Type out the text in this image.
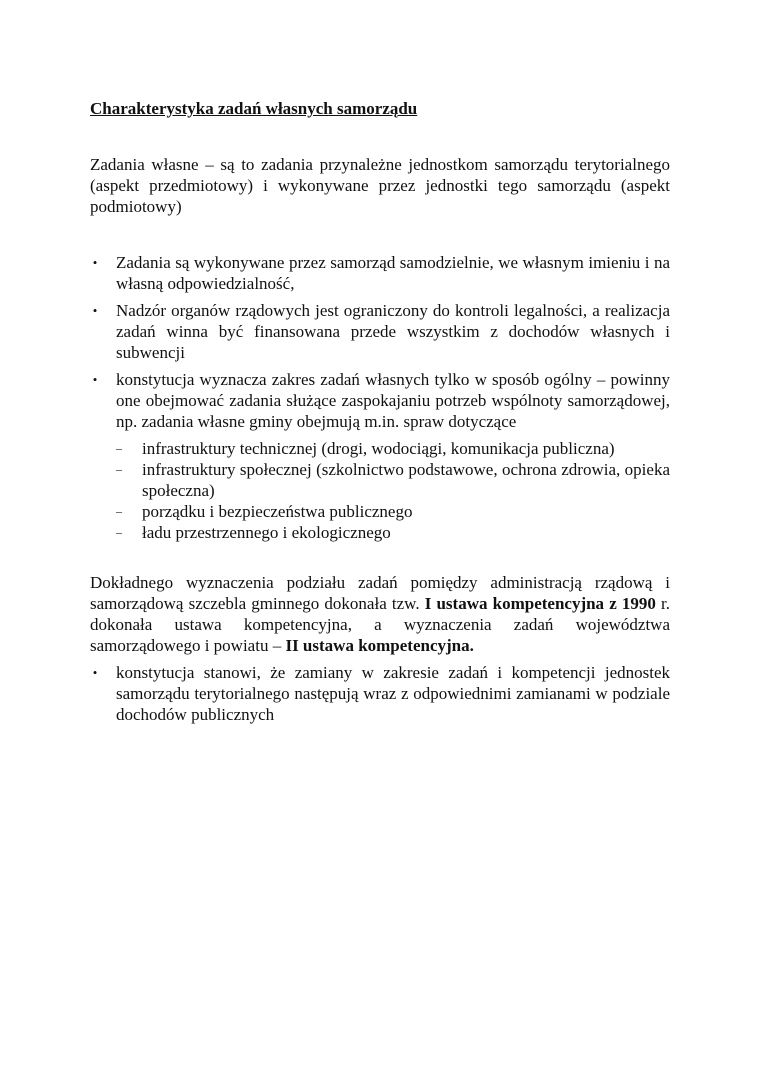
Charakterystyka zadań własnych samorządu

Zadania własne – są to zadania przynależne jednostkom samorządu terytorialnego (aspekt przedmiotowy) i wykonywane przez jednostki tego samorządu (aspekt podmiotowy)

• Zadania są wykonywane przez samorząd samodzielnie, we własnym imieniu i na własną odpowiedzialność,
• Nadzór organów rządowych jest ograniczony do kontroli legalności, a realizacja zadań winna być finansowana przede wszystkim z dochodów własnych i subwencji
• konstytucja wyznacza zakres zadań własnych tylko w sposób ogólny – powinny one obejmować zadania służące zaspokajaniu potrzeb wspólnoty samorządowej, np. zadania własne gminy obejmują m.in. spraw dotyczące
–	infrastruktury technicznej (drogi, wodociągi, komunikacja publiczna)
–	infrastruktury społecznej (szkolnictwo podstawowe, ochrona zdrowia, opieka społeczna)
–	porządku i bezpieczeństwa publicznego
–	ładu przestrzennego i ekologicznego

Dokładnego wyznaczenia podziału zadań pomiędzy administracją rządową i samorządową szczebla gminnego dokonała tzw. I ustawa kompetencyjna z 1990 r. dokonała ustawa kompetencyjna, a wyznaczenia zadań województwa samorządowego i powiatu – II ustawa kompetencyjna.

• konstytucja stanowi, że zamiany w zakresie zadań i kompetencji jednostek samorządu terytorialnego następują wraz z odpowiednimi zamianami w podziale dochodów publicznych
